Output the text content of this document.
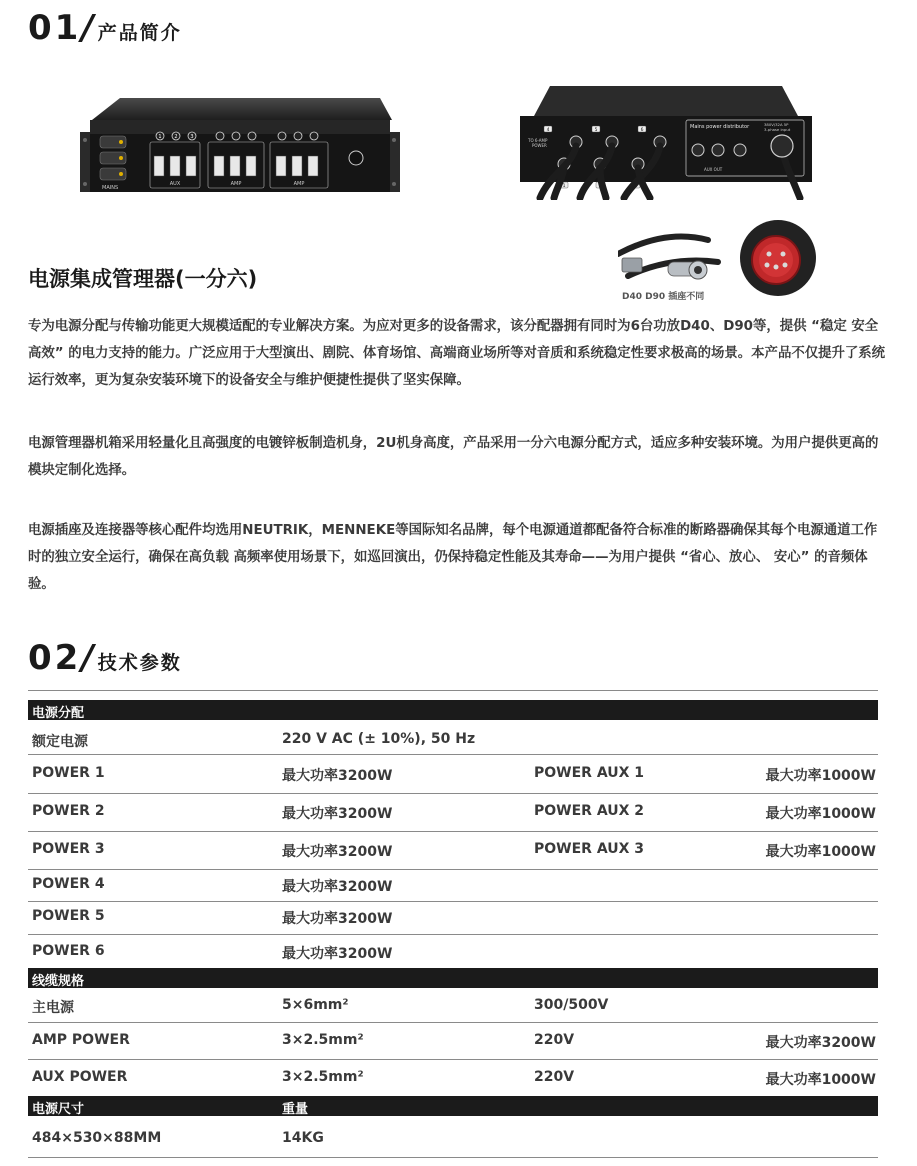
01 / 产品简介
MAINS
1	2	3
AUX	AMP	AMP
Mains power distributor	380V/32A 5P
3-phase input
TO 6-AMP
POWER
AUX OUT
4	5	6
1	2	3
D40 D90 插座不同
电源集成管理器(一分六)

专为电源分配与传输功能更大规模适配的专业解决方案。为应对更多的设备需求，该分配器拥有同时为6台功放D40、D90等，提供 “稳定 安全 高效” 的电力支持的能力。广泛应用于大型演出、剧院、体育场馆、高端商业场所等对音质和系统稳定性要求极高的场景。本产品不仅提升了系统运行效率，更为复杂安装环境下的设备安全与维护便捷性提供了坚实保障。

电源管理器机箱采用轻量化且高强度的电镀锌板制造机身，2U机身高度，产品采用一分六电源分配方式，适应多种安装环境。为用户提供更高的模块定制化选择。

电源插座及连接器等核心配件均选用NEUTRIK，MENNEKE等国际知名品牌，每个电源通道都配备符合标准的断路器确保其每个电源通道工作时的独立安全运行，确保在高负载 高频率使用场景下，如巡回演出，仍保持稳定性能及其寿命——为用户提供 “省心、放心、 安心” 的音频体验。

02 / 技术参数
电源分配
额定电源	220 V AC (± 10%), 50 Hz
POWER 1	最大功率3200W	POWER AUX 1	最大功率1000W
POWER 2	最大功率3200W	POWER AUX 2	最大功率1000W
POWER 3	最大功率3200W	POWER AUX 3	最大功率1000W
POWER 4	最大功率3200W
POWER 5	最大功率3200W
POWER 6	最大功率3200W
线缆规格
主电源	5×6mm²	300/500V
AMP POWER	3×2.5mm²	220V	最大功率3200W
AUX POWER	3×2.5mm²	220V	最大功率1000W
电源尺寸	重量
484×530×88MM	14KG
